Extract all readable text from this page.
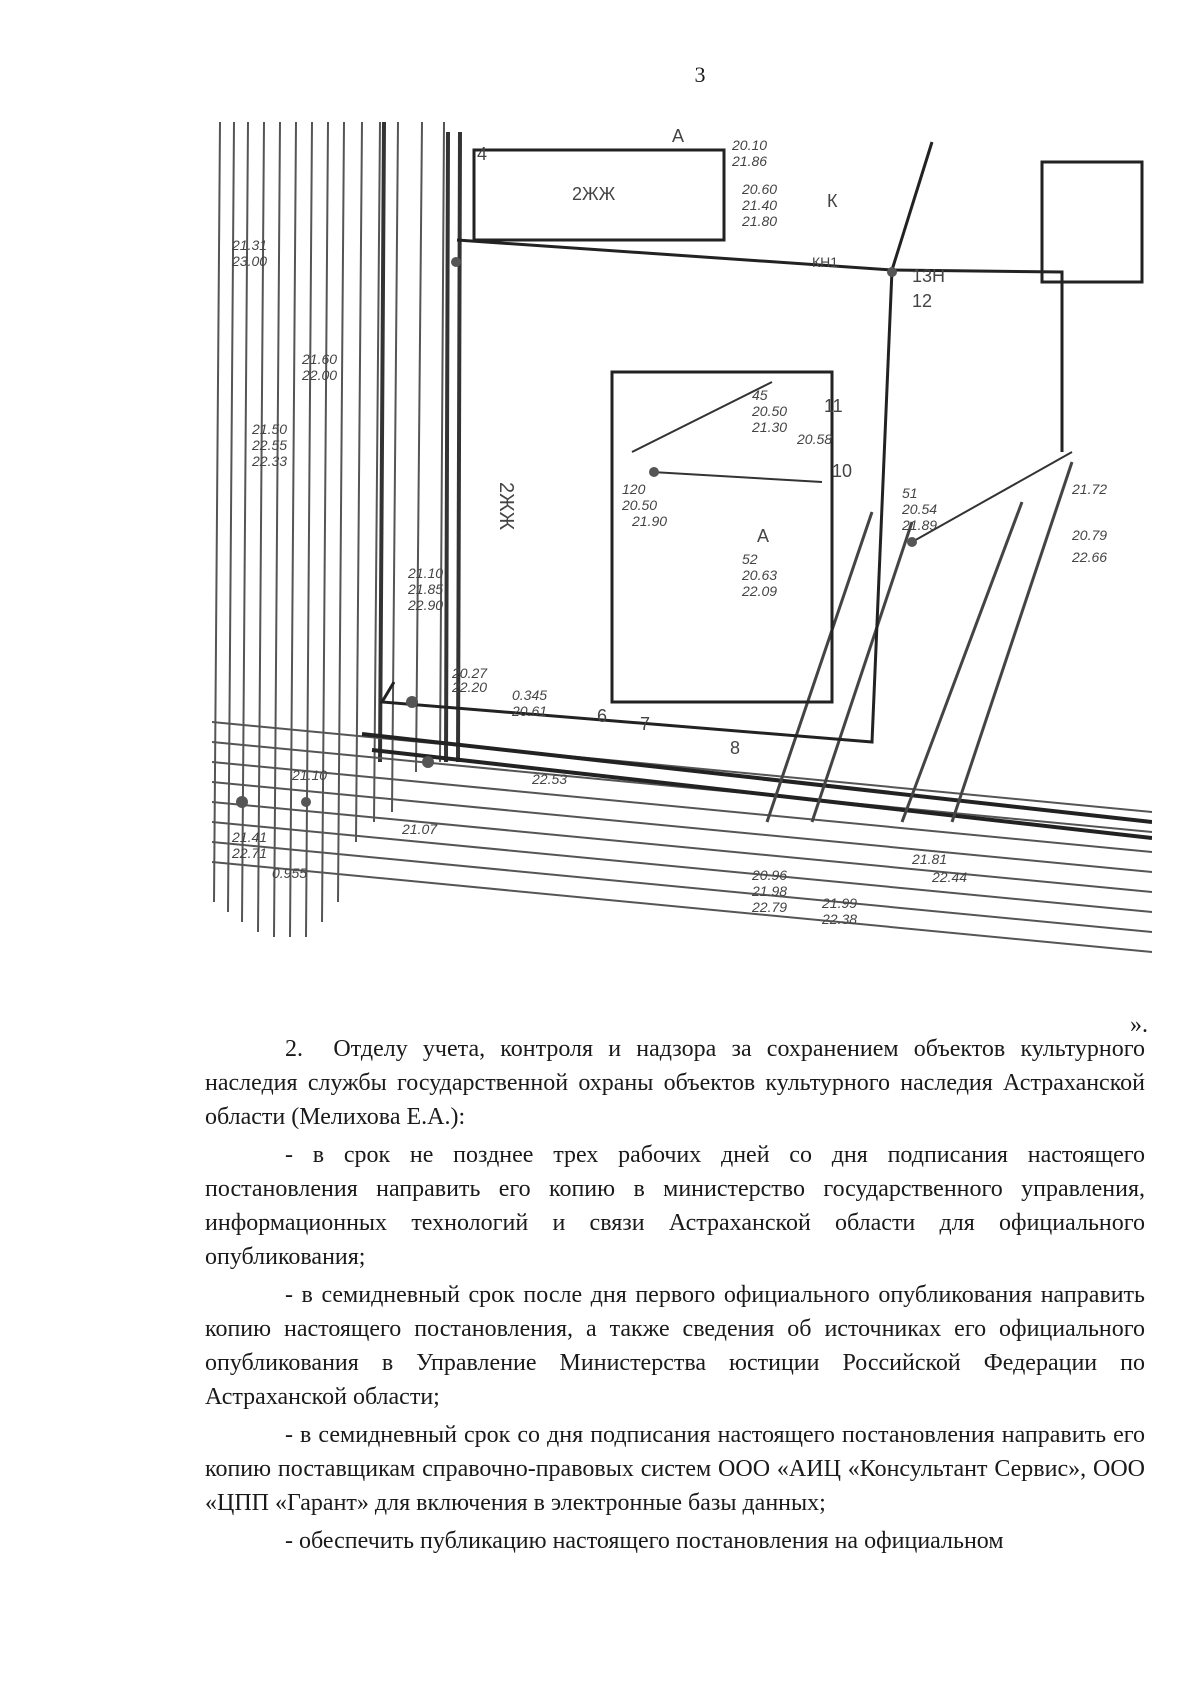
3
2ЖЖ
2ЖЖ
А
А
К
4
6 7
8
10
11
12
13Н
КН1
45
20.50
21.30
20.58
120
20.50
21.90
52
20.63
22.09
51
20.54
21.89
21.10
21.85
22.90
20.27
22.20 0.345
20.61
21.31
23.00
21.60
22.00
21.50
22.55
22.33
20.96
21.98
22.79 21.99
22.38
21.81
22.44
22.53
21.07
21.41
22.71
0.955
20.10
21.86
20.60
21.40
21.80
21.72
20.79
22.66
21.10
».

2.  Отделу учета, контроля и надзора за сохранением объектов культурного наследия службы государственной охраны объектов культурного наследия Астраханской области (Мелихова Е.А.):

- в срок не позднее трех рабочих дней со дня подписания настоящего постановления направить его копию в министерство государственного управления, информационных технологий и связи Астраханской области для официального опубликования;

- в семидневный срок после дня первого официального опубликования направить копию настоящего постановления, а также сведения об источниках его официального опубликования в Управление Министерства юстиции Российской Федерации по Астраханской области;

- в семидневный срок со дня подписания настоящего постановления направить его копию поставщикам справочно-правовых систем ООО «АИЦ «Консультант Сервис», ООО «ЦПП «Гарант» для включения в электронные базы данных;

- обеспечить публикацию настоящего постановления на официальном
